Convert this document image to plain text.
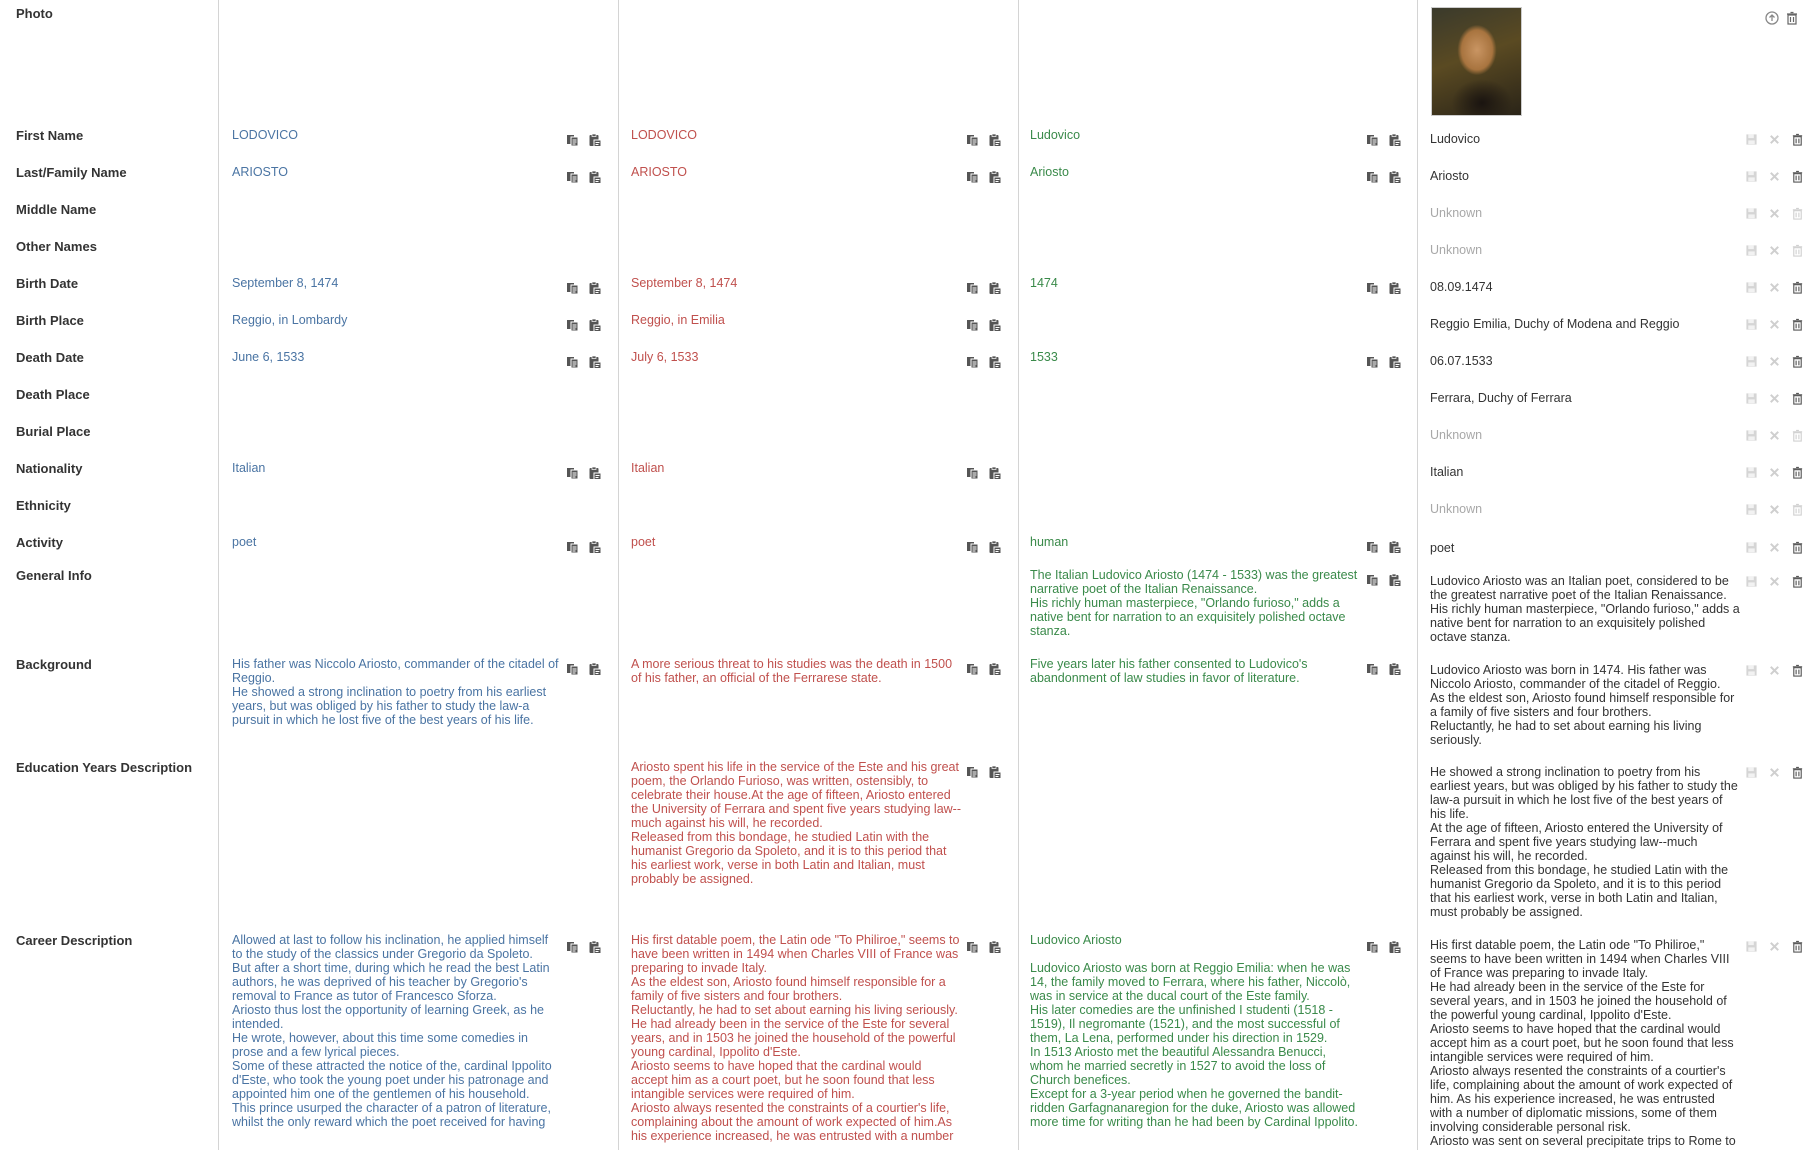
Photo
First Name
Last/Family Name
Middle Name
Other Names
Birth Date
Birth Place
Death Date
Death Place
Burial Place
Nationality
Ethnicity
Activity
General Info
Background
Education Years Description
Career Description
LODOVICO
ARIOSTO
September 8, 1474
Reggio, in Lombardy
June 6, 1533
Italian
poet
His father was Niccolo Ariosto, commander of the citadel of Reggio.
He showed a strong inclination to poetry from his earliest years, but was obliged by his father to study the law-a pursuit in which he lost five of the best years of his life.
Allowed at last to follow his inclination, he applied himself to the study of the classics under Gregorio da Spoleto.
But after a short time, during which he read the best Latin authors, he was deprived of his teacher by Gregorio's removal to France as tutor of Francesco Sforza.
Ariosto thus lost the opportunity of learning Greek, as he intended.
He wrote, however, about this time some comedies in prose and a few lyrical pieces.
Some of these attracted the notice of the, cardinal Ippolito d'Este, who took the young poet under his patronage and appointed him one of the gentlemen of his household.
This prince usurped the character of a patron of literature, whilst the only reward which the poet received for having
LODOVICO
ARIOSTO
September 8, 1474
Reggio, in Emilia
July 6, 1533
Italian
poet
A more serious threat to his studies was the death in 1500 of his father, an official of the Ferrarese state.
Ariosto spent his life in the service of the Este and his great poem, the Orlando Furioso, was written, ostensibly, to celebrate their house.At the age of fifteen, Ariosto entered the University of Ferrara and spent five years studying law--much against his will, he recorded.
Released from this bondage, he studied Latin with the humanist Gregorio da Spoleto, and it is to this period that his earliest work, verse in both Latin and Italian, must probably be assigned.
His first datable poem, the Latin ode "To Philiroe," seems to have been written in 1494 when Charles VIII of France was preparing to invade Italy.
As the eldest son, Ariosto found himself responsible for a family of five sisters and four brothers.
Reluctantly, he had to set about earning his living seriously.
He had already been in the service of the Este for several years, and in 1503 he joined the household of the powerful young cardinal, Ippolito d'Este.
Ariosto seems to have hoped that the cardinal would accept him as a court poet, but he soon found that less intangible services were required of him.
Ariosto always resented the constraints of a courtier's life, complaining about the amount of work expected of him.As his experience increased, he was entrusted with a number
Ludovico
Ariosto
1474
1533
human
The Italian Ludovico Ariosto (1474 - 1533) was the greatest narrative poet of the Italian Renaissance.
His richly human masterpiece, "Orlando furioso," adds a native bent for narration to an exquisitely polished octave stanza.
Five years later his father consented to Ludovico's abandonment of law studies in favor of literature.
Ludovico Ariosto
Ludovico Ariosto was born at Reggio Emilia: when he was 14, the family moved to Ferrara, where his father, Niccolò, was in service at the ducal court of the Este family.
His later comedies are the unfinished I studenti (1518 - 1519), Il negromante (1521), and the most successful of them, La Lena, performed under his direction in 1529.
In 1513 Ariosto met the beautiful Alessandra Benucci, whom he married secretly in 1527 to avoid the loss of Church benefices.
Except for a 3-year period when he governed the bandit-ridden Garfagnanaregion for the duke, Ariosto was allowed more time for writing than he had been by Cardinal Ippolito.
Ludovico
Ariosto
Unknown
Unknown
08.09.1474
Reggio Emilia, Duchy of Modena and Reggio
06.07.1533
Ferrara, Duchy of Ferrara
Unknown
Italian
Unknown
poet
Ludovico Ariosto was an Italian poet, considered to be the greatest narrative poet of the Italian Renaissance.
His richly human masterpiece, "Orlando furioso," adds a native bent for narration to an exquisitely polished octave stanza.
Ludovico Ariosto was born in 1474. His father was Niccolo Ariosto, commander of the citadel of Reggio.
As the eldest son, Ariosto found himself responsible for a family of five sisters and four brothers.
Reluctantly, he had to set about earning his living seriously.
He showed a strong inclination to poetry from his earliest years, but was obliged by his father to study the law-a pursuit in which he lost five of the best years of his life.
At the age of fifteen, Ariosto entered the University of Ferrara and spent five years studying law--much against his will, he recorded.
Released from this bondage, he studied Latin with the humanist Gregorio da Spoleto, and it is to this period that his earliest work, verse in both Latin and Italian, must probably be assigned.
His first datable poem, the Latin ode "To Philiroe," seems to have been written in 1494 when Charles VIII of France was preparing to invade Italy.
He had already been in the service of the Este for several years, and in 1503 he joined the household of the powerful young cardinal, Ippolito d'Este.
Ariosto seems to have hoped that the cardinal would accept him as a court poet, but he soon found that less intangible services were required of him.
Ariosto always resented the constraints of a courtier's life, complaining about the amount of work expected of him. As his experience increased, he was entrusted with a number of diplomatic missions, some of them involving considerable personal risk.
Ariosto was sent on several precipitate trips to Rome to
